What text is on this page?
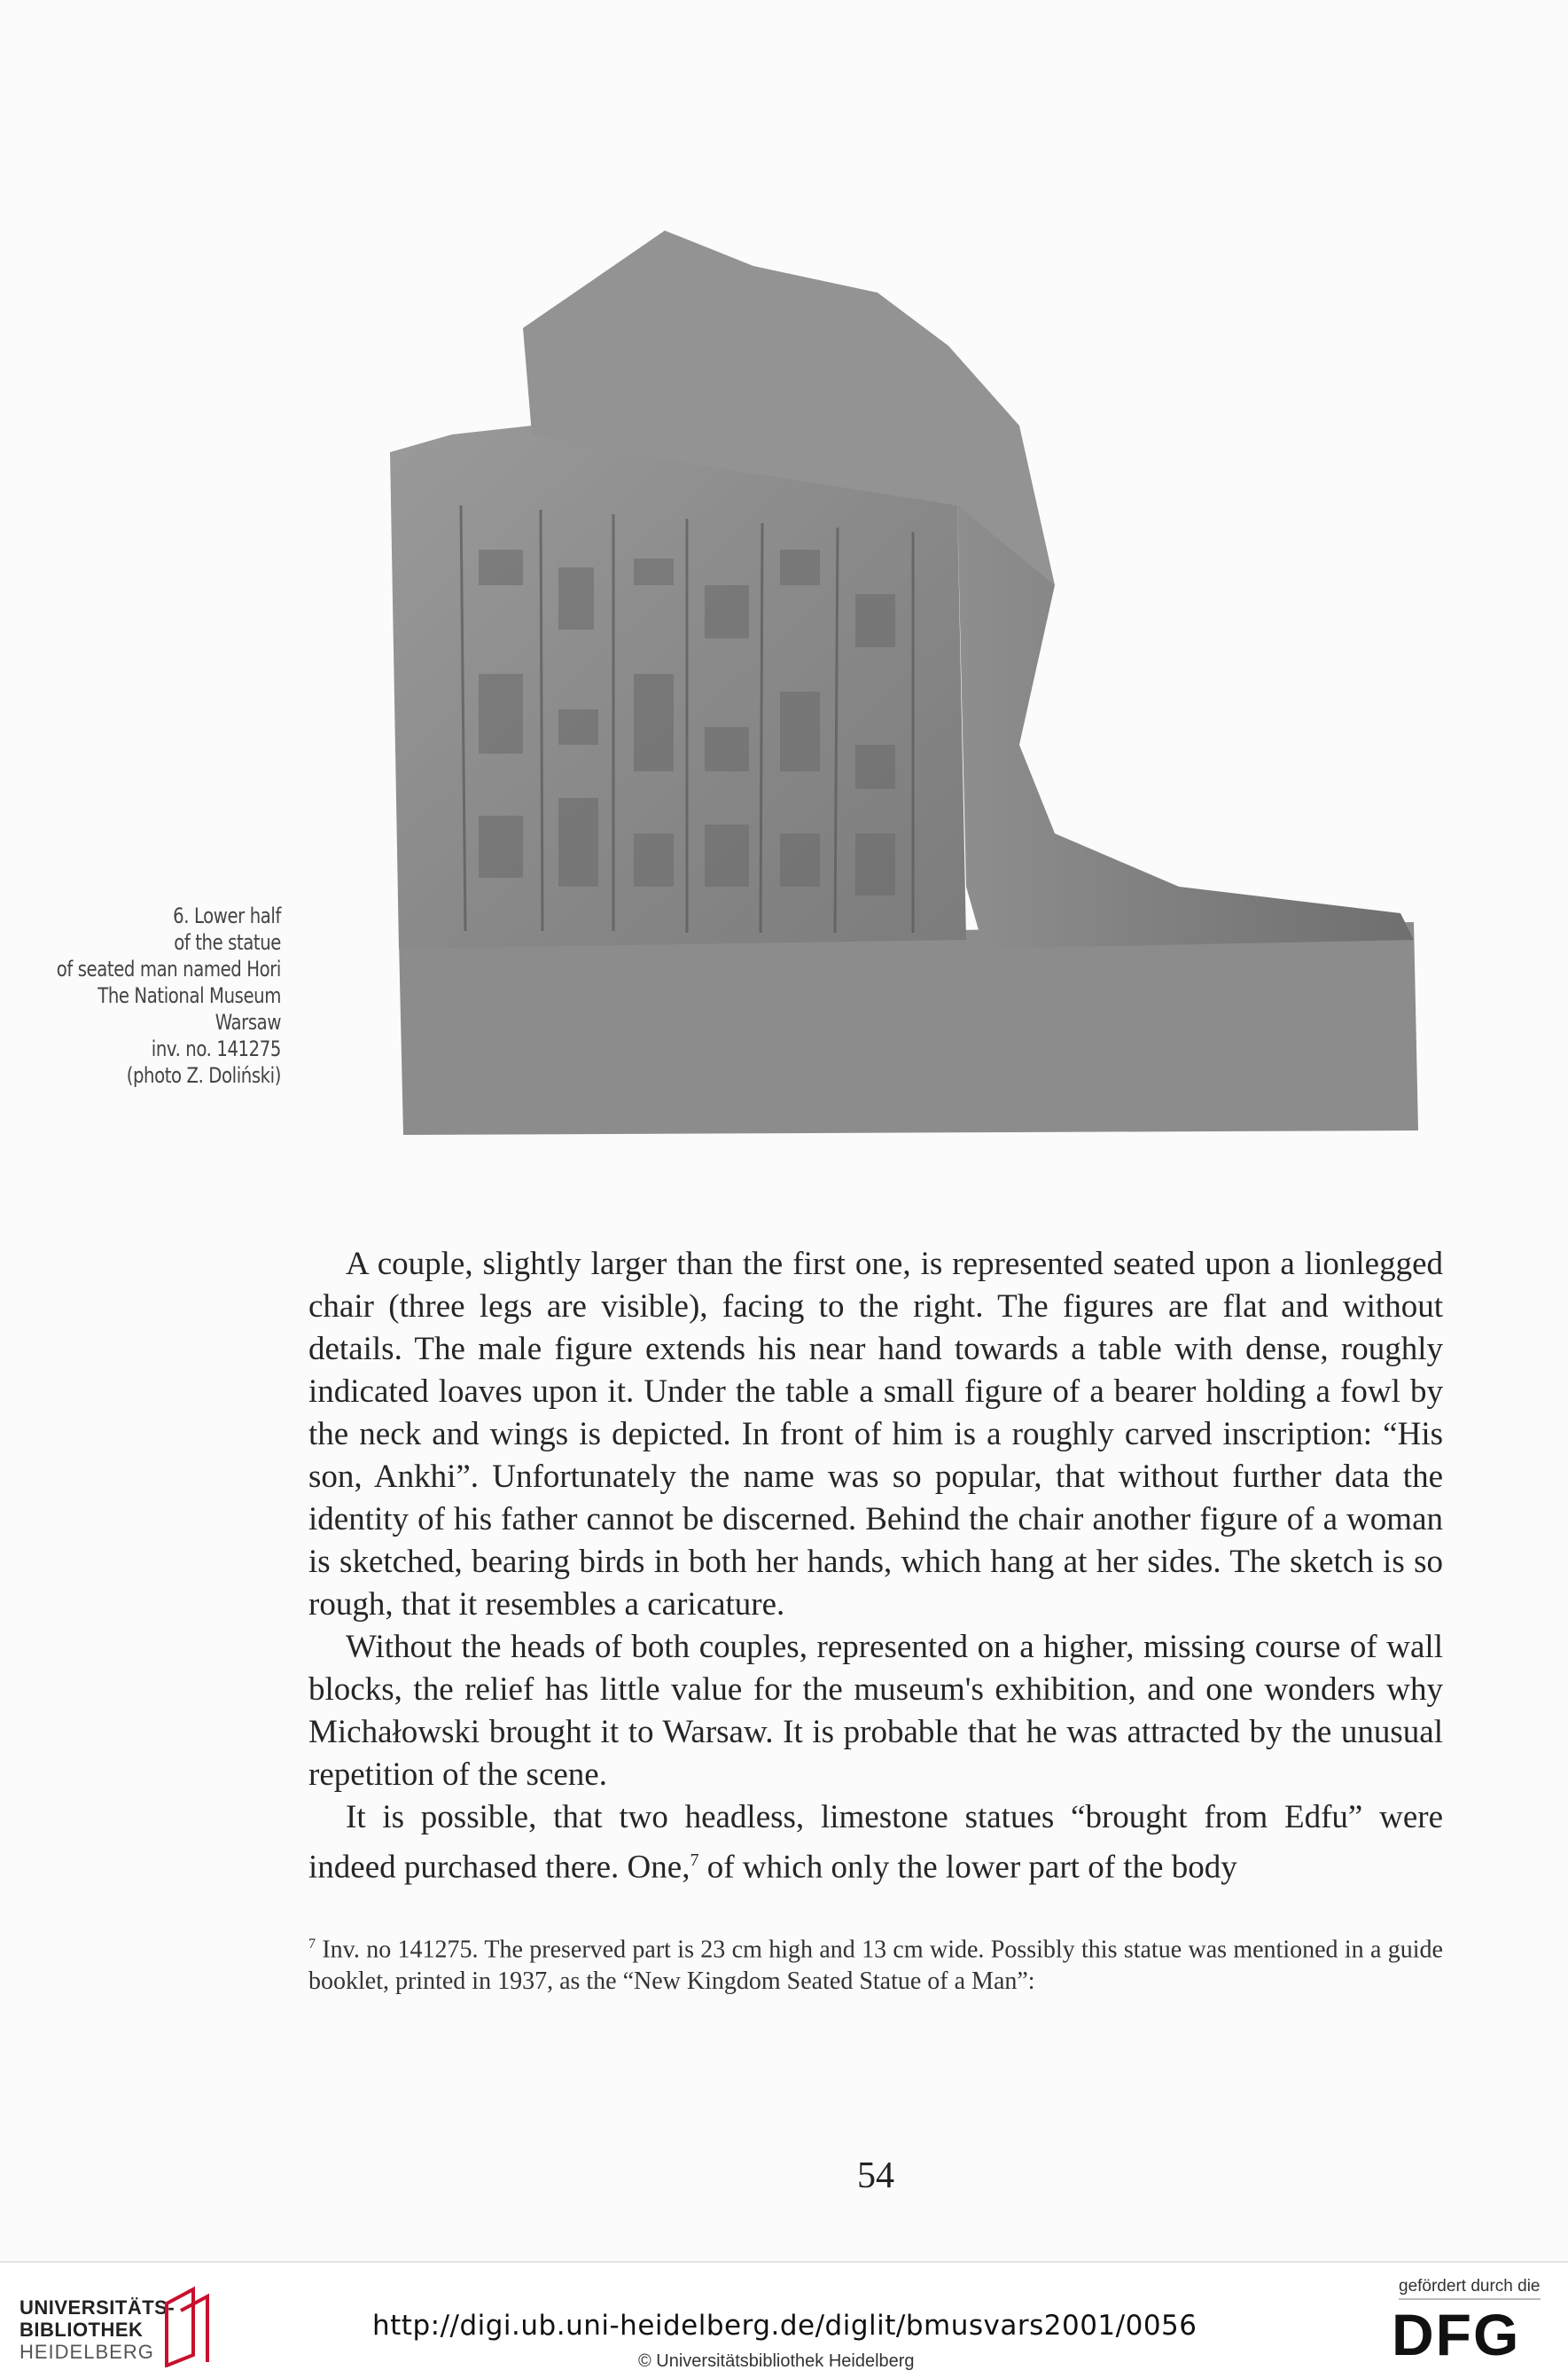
6. Lower half
of the statue
of seated man named Hori
The National Museum
Warsaw
inv. no. 141275
(photo Z. Doliński)

A couple, slightly larger than the first one, is represented seated upon a lionlegged chair (three legs are visible), facing to the right. The figures are flat and without details. The male figure extends his near hand towards a table with dense, roughly indicated loaves upon it. Under the table a small figure of a bearer holding a fowl by the neck and wings is depicted. In front of him is a roughly carved inscription: “His son, Ankhi”. Unfortunately the name was so popular, that without further data the identity of his father cannot be discerned. Behind the chair another figure of a woman is sketched, bearing birds in both her hands, which hang at her sides. The sketch is so rough, that it resembles a caricature.

Without the heads of both couples, represented on a higher, missing course of wall blocks, the relief has little value for the museum's exhibition, and one wonders why Michałowski brought it to Warsaw. It is probable that he was attracted by the unusual repetition of the scene.

It is possible, that two headless, limestone statues “brought from Edfu” were indeed purchased there. One,$^7$ of which only the lower part of the body

$^7$ Inv. no 141275. The preserved part is 23 cm high and 13 cm wide. Possibly this statue was mentioned in a guide booklet, printed in 1937, as the “New Kingdom Seated Statue of a Man”:
54
UNIVERSITÄTS-
BIBLIOTHEK
HEIDELBERG
http://digi.ub.uni-heidelberg.de/diglit/bmusvars2001/0056
© Universitätsbibliothek Heidelberg
gefördert durch die
DFG
